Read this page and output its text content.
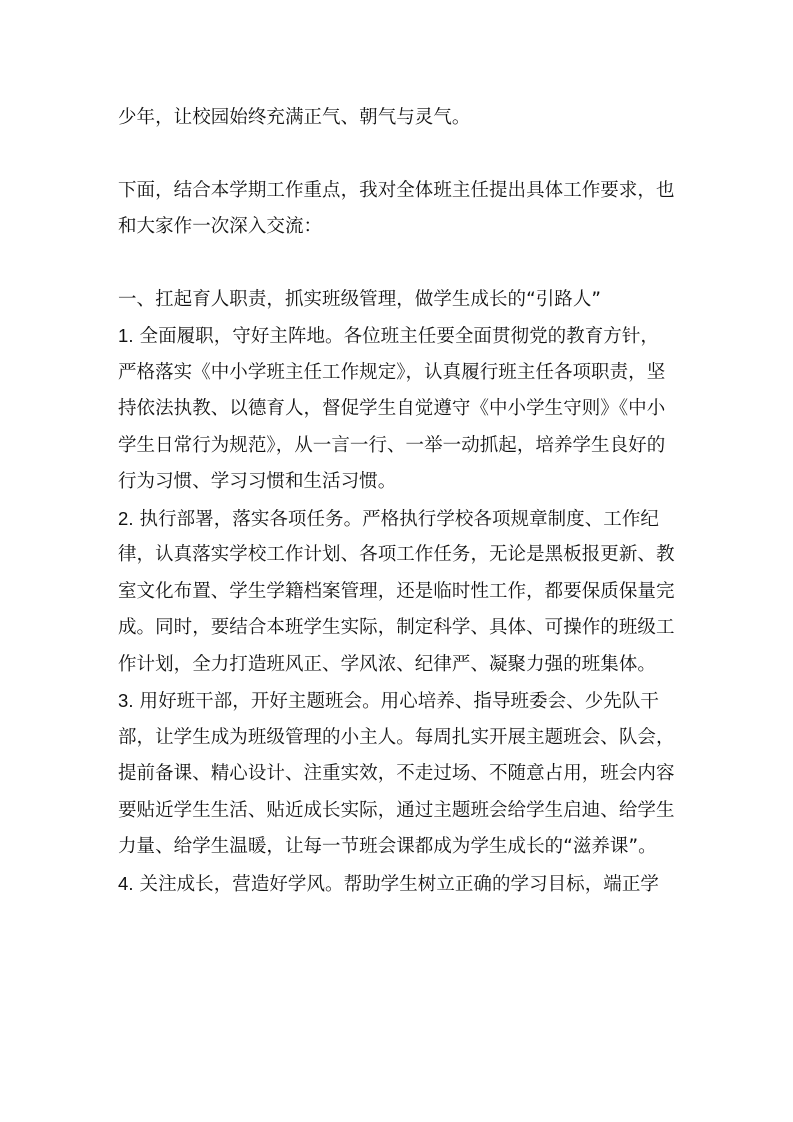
少年，让校园始终充满正气、朝气与灵气。
下面，结合本学期工作重点，我对全体班主任提出具体工作要求，也
和大家作一次深入交流：
一、扛起育人职责，抓实班级管理，做学生成长的“引路人”
1. 全面履职，守好主阵地。各位班主任要全面贯彻党的教育方针，
严格落实《中小学班主任工作规定》，认真履行班主任各项职责，坚
持依法执教、以德育人，督促学生自觉遵守《中小学生守则》《中小
学生日常行为规范》，从一言一行、一举一动抓起，培养学生良好的
行为习惯、学习习惯和生活习惯。
2. 执行部署，落实各项任务。严格执行学校各项规章制度、工作纪
律，认真落实学校工作计划、各项工作任务，无论是黑板报更新、教
室文化布置、学生学籍档案管理，还是临时性工作，都要保质保量完
成。同时，要结合本班学生实际，制定科学、具体、可操作的班级工
作计划，全力打造班风正、学风浓、纪律严、凝聚力强的班集体。
3. 用好班干部，开好主题班会。用心培养、指导班委会、少先队干
部，让学生成为班级管理的小主人。每周扎实开展主题班会、队会，
提前备课、精心设计、注重实效，不走过场、不随意占用，班会内容
要贴近学生生活、贴近成长实际，通过主题班会给学生启迪、给学生
力量、给学生温暖，让每一节班会课都成为学生成长的“滋养课”。
4. 关注成长，营造好学风。帮助学生树立正确的学习目标，端正学
